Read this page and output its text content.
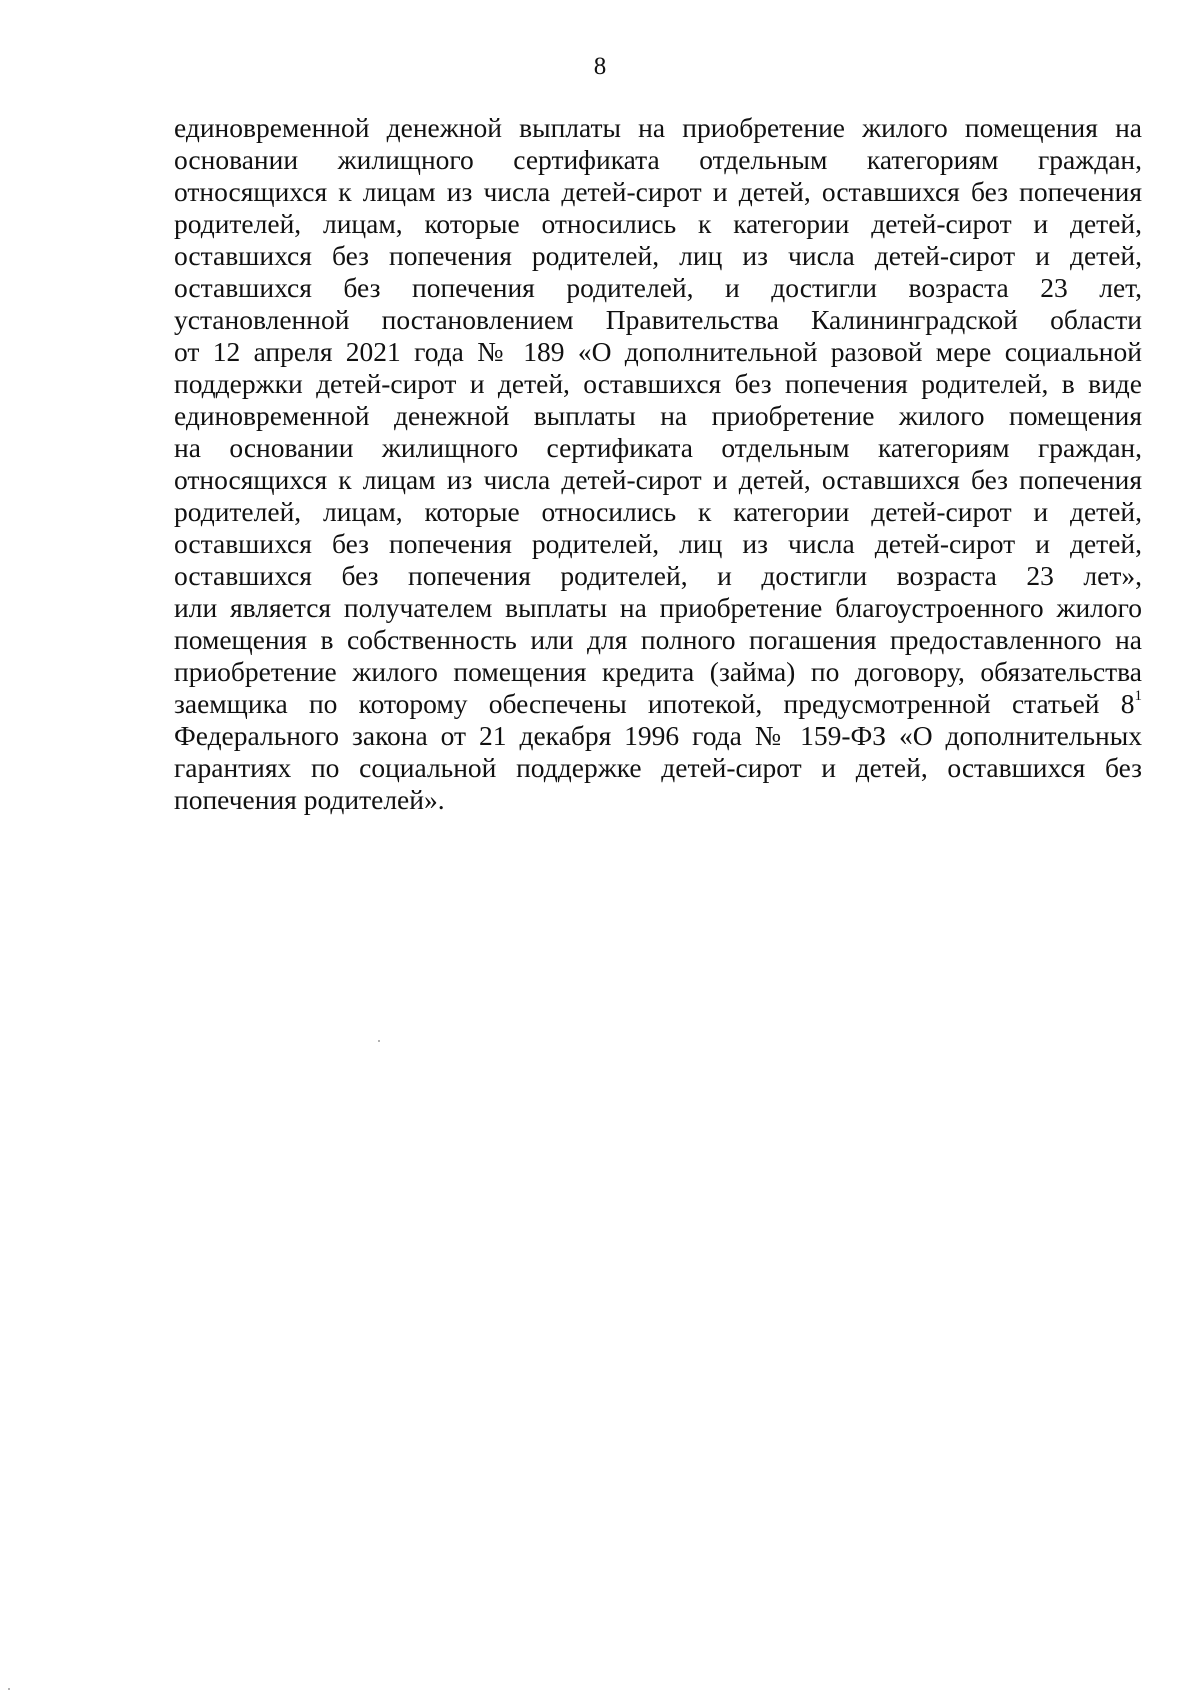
8
единовременной денежной выплаты на приобретение жилого помещения на
основании жилищного сертификата отдельным категориям граждан,
относящихся к лицам из числа детей-сирот и детей, оставшихся без попечения
родителей, лицам, которые относились к категории детей-сирот и детей,
оставшихся без попечения родителей, лиц из числа детей-сирот и детей,
оставшихся без попечения родителей, и достигли возраста 23 лет,
установленной постановлением Правительства Калининградской области
от 12 апреля 2021 года № 189 «О дополнительной разовой мере социальной
поддержки детей-сирот и детей, оставшихся без попечения родителей, в виде
единовременной денежной выплаты на приобретение жилого помещения
на основании жилищного сертификата отдельным категориям граждан,
относящихся к лицам из числа детей-сирот и детей, оставшихся без попечения
родителей, лицам, которые относились к категории детей-сирот и детей,
оставшихся без попечения родителей, лиц из числа детей-сирот и детей,
оставшихся без попечения родителей, и достигли возраста 23 лет»,
или является получателем выплаты на приобретение благоустроенного жилого
помещения в собственность или для полного погашения предоставленного на
приобретение жилого помещения кредита (займа) по договору, обязательства
заемщика по которому обеспечены ипотекой, предусмотренной статьей $8^1$
Федерального закона от 21 декабря 1996 года № 159-ФЗ «О дополнительных
гарантиях по социальной поддержке детей-сирот и детей, оставшихся без
попечения родителей».
